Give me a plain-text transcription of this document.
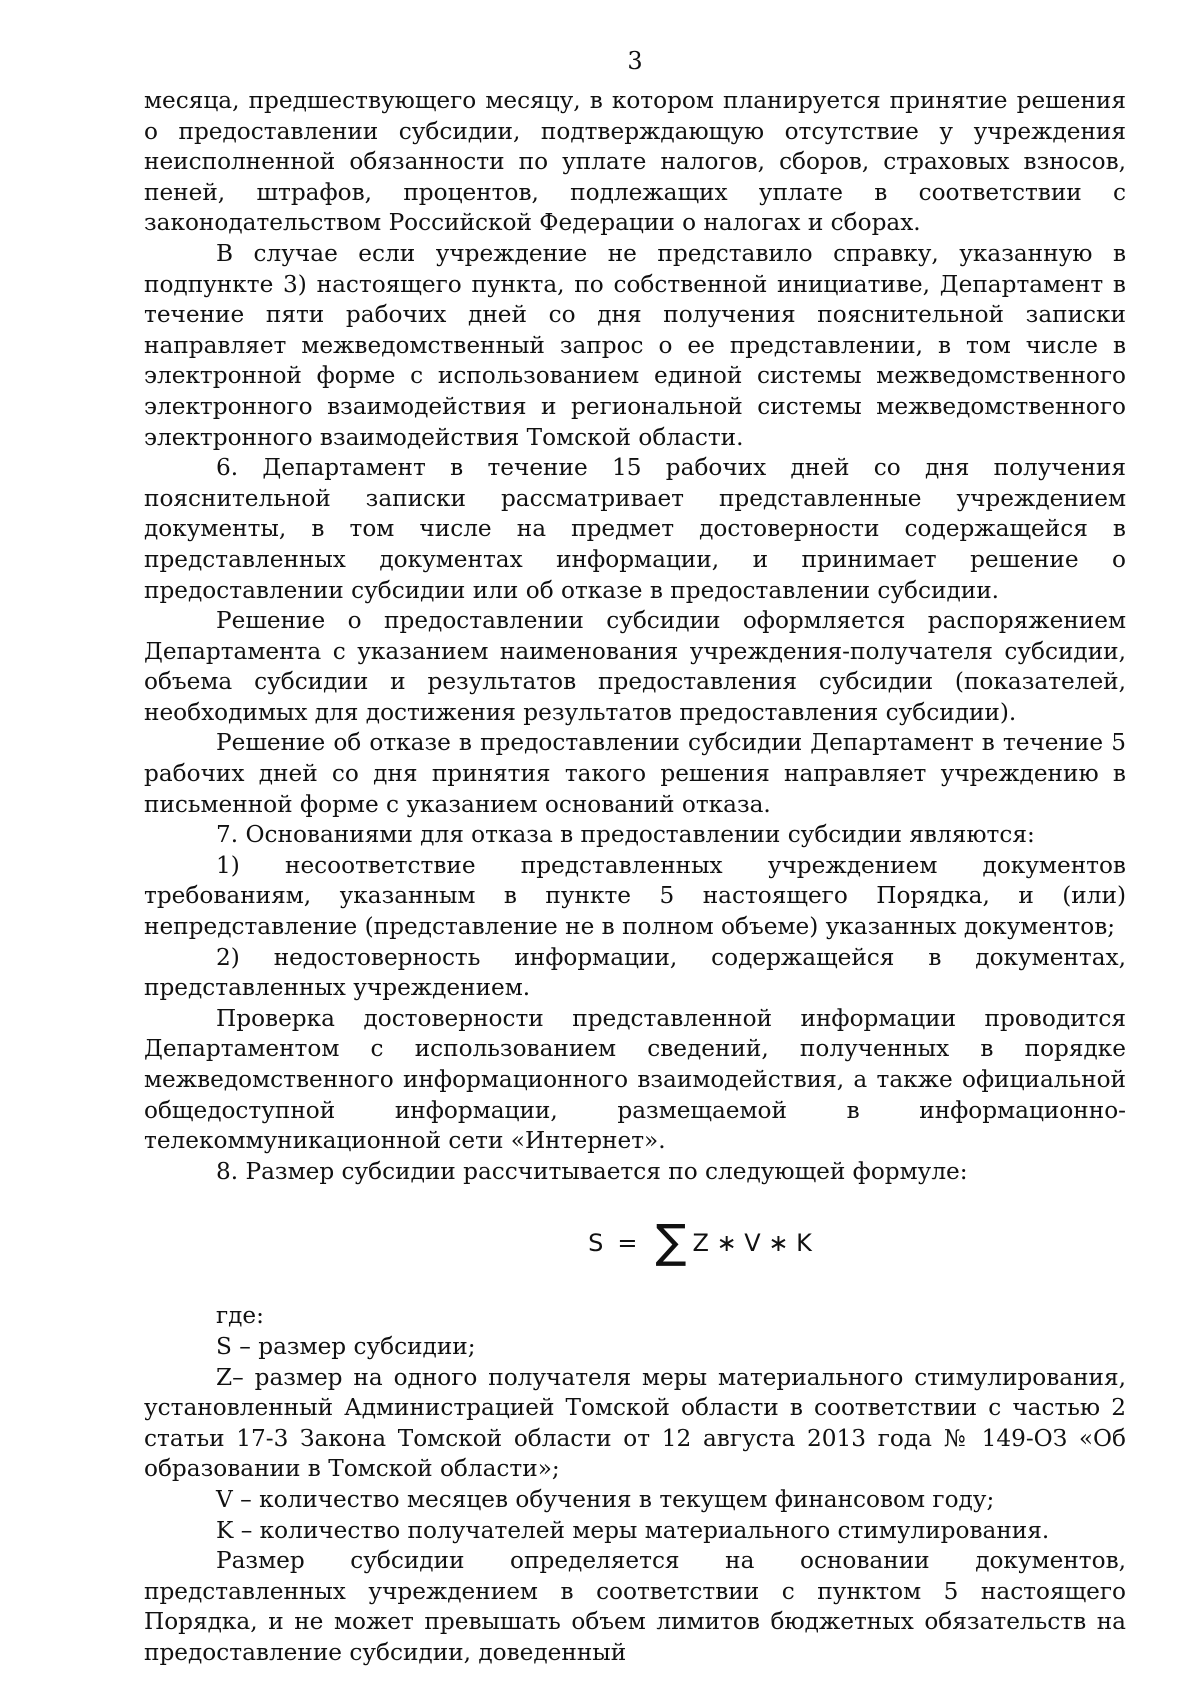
3

месяца, предшествующего месяцу, в котором планируется принятие решения о предоставлении субсидии, подтверждающую отсутствие у учреждения неисполненной обязанности по уплате налогов, сборов, страховых взносов, пеней, штрафов, процентов, подлежащих уплате в соответствии с законодательством Российской Федерации о налогах и сборах.

В случае если учреждение не представило справку, указанную в подпункте 3) настоящего пункта, по собственной инициативе, Департамент в течение пяти рабочих дней со дня получения пояснительной записки направляет межведомственный запрос о ее представлении, в том числе в электронной форме с использованием единой системы межведомственного электронного взаимодействия и региональной системы межведомственного электронного взаимодействия Томской области.

6. Департамент в течение 15 рабочих дней со дня получения пояснительной записки рассматривает представленные учреждением документы, в том числе на предмет достоверности содержащейся в представленных документах информации, и принимает решение о предоставлении субсидии или об отказе в предоставлении субсидии.

Решение о предоставлении субсидии оформляется распоряжением Департамента с указанием наименования учреждения-получателя субсидии, объема субсидии и результатов предоставления субсидии (показателей, необходимых для достижения результатов предоставления субсидии).

Решение об отказе в предоставлении субсидии Департамент в течение 5 рабочих дней со дня принятия такого решения направляет учреждению в письменной форме с указанием оснований отказа.

7. Основаниями для отказа в предоставлении субсидии являются:

1) несоответствие представленных учреждением документов требованиям, указанным в пункте 5 настоящего Порядка, и (или) непредставление (представление не в полном объеме) указанных документов;

2) недостоверность информации, содержащейся в документах, представленных учреждением.

Проверка достоверности представленной информации проводится Департаментом с использованием сведений, полученных в порядке межведомственного информационного взаимодействия, а также официальной общедоступной информации, размещаемой в информационно-телекоммуникационной сети «Интернет».

8. Размер субсидии рассчитывается по следующей формуле:

S = ∑ Z ∗ V ∗ K

где:

S – размер субсидии;

Z– размер на одного получателя меры материального стимулирования, установленный Администрацией Томской области в соответствии с частью 2 статьи 17-3 Закона Томской области от 12 августа 2013 года № 149-ОЗ «Об образовании в Томской области»;

V – количество месяцев обучения в текущем финансовом году;

K – количество получателей меры материального стимулирования.

Размер субсидии определяется на основании документов, представленных учреждением в соответствии с пунктом 5 настоящего Порядка, и не может превышать объем лимитов бюджетных обязательств на предоставление субсидии, доведенный
